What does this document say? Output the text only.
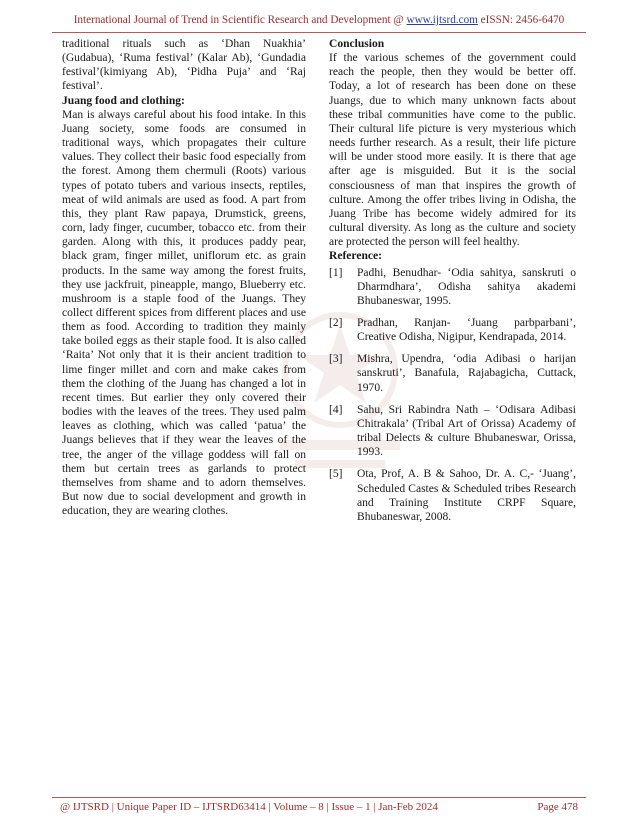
International Journal of Trend in Scientific Research and Development @ www.ijtsrd.com eISSN: 2456-6470

traditional rituals such as ‘Dhan Nuakhia’ (Gudabua), ‘Ruma festival’ (Kalar Ab), ‘Gundadia festival’(kimiyang Ab), ‘Pidha Puja’ and ‘Raj festival’.

Juang food and clothing:

Man is always careful about his food intake. In this Juang society, some foods are consumed in traditional ways, which propagates their culture values. They collect their basic food especially from the forest. Among them chermuli (Roots) various types of potato tubers and various insects, reptiles, meat of wild animals are used as food. A part from this, they plant Raw papaya, Drumstick, greens, corn, lady finger, cucumber, tobacco etc. from their garden. Along with this, it produces paddy pear, black gram, finger millet, uniflorum etc. as grain products. In the same way among the forest fruits, they use jackfruit, pineapple, mango, Blueberry etc. mushroom is a staple food of the Juangs. They collect different spices from different places and use them as food. According to tradition they mainly take boiled eggs as their staple food. It is also called ‘Raita’ Not only that it is their ancient tradition to lime finger millet and corn and make cakes from them the clothing of the Juang has changed a lot in recent times. But earlier they only covered their bodies with the leaves of the trees. They used palm leaves as clothing, which was called ‘patua’ the Juangs believes that if they wear the leaves of the tree, the anger of the village goddess will fall on them but certain trees as garlands to protect themselves from shame and to adorn themselves. But now due to social development and growth in education, they are wearing clothes.

Conclusion

If the various schemes of the government could reach the people, then they would be better off. Today, a lot of research has been done on these Juangs, due to which many unknown facts about these tribal communities have come to the public. Their cultural life picture is very mysterious which needs further research. As a result, their life picture will be under stood more easily. It is there that age after age is misguided. But it is the social consciousness of man that inspires the growth of culture. Among the offer tribes living in Odisha, the Juang Tribe has become widely admired for its cultural diversity. As long as the culture and society are protected the person will feel healthy.

Reference:

[1]	Padhi, Benudhar- ‘Odia sahitya, sanskruti o Dharmdhara’, Odisha sahitya akademi Bhubaneswar, 1995.
[2]	Pradhan, Ranjan- ‘Juang parbparbani’, Creative Odisha, Nigipur, Kendrapada, 2014.
[3]	Mishra, Upendra, ‘odia Adibasi o harijan sanskruti’, Banafula, Rajabagicha, Cuttack, 1970.
[4]	Sahu, Sri Rabindra Nath – ‘Odisara Adibasi Chitrakala’ (Tribal Art of Orissa) Academy of tribal Delects & culture Bhubaneswar, Orissa, 1993.
[5]	Ota, Prof, A. B & Sahoo, Dr. A. C,- ‘Juang’, Scheduled Castes & Scheduled tribes Research and Training Institute CRPF Square, Bhubaneswar, 2008.
@ IJTSRD | Unique Paper ID – IJTSRD63414 | Volume – 8 | Issue – 1 | Jan-Feb 2024	Page 478
